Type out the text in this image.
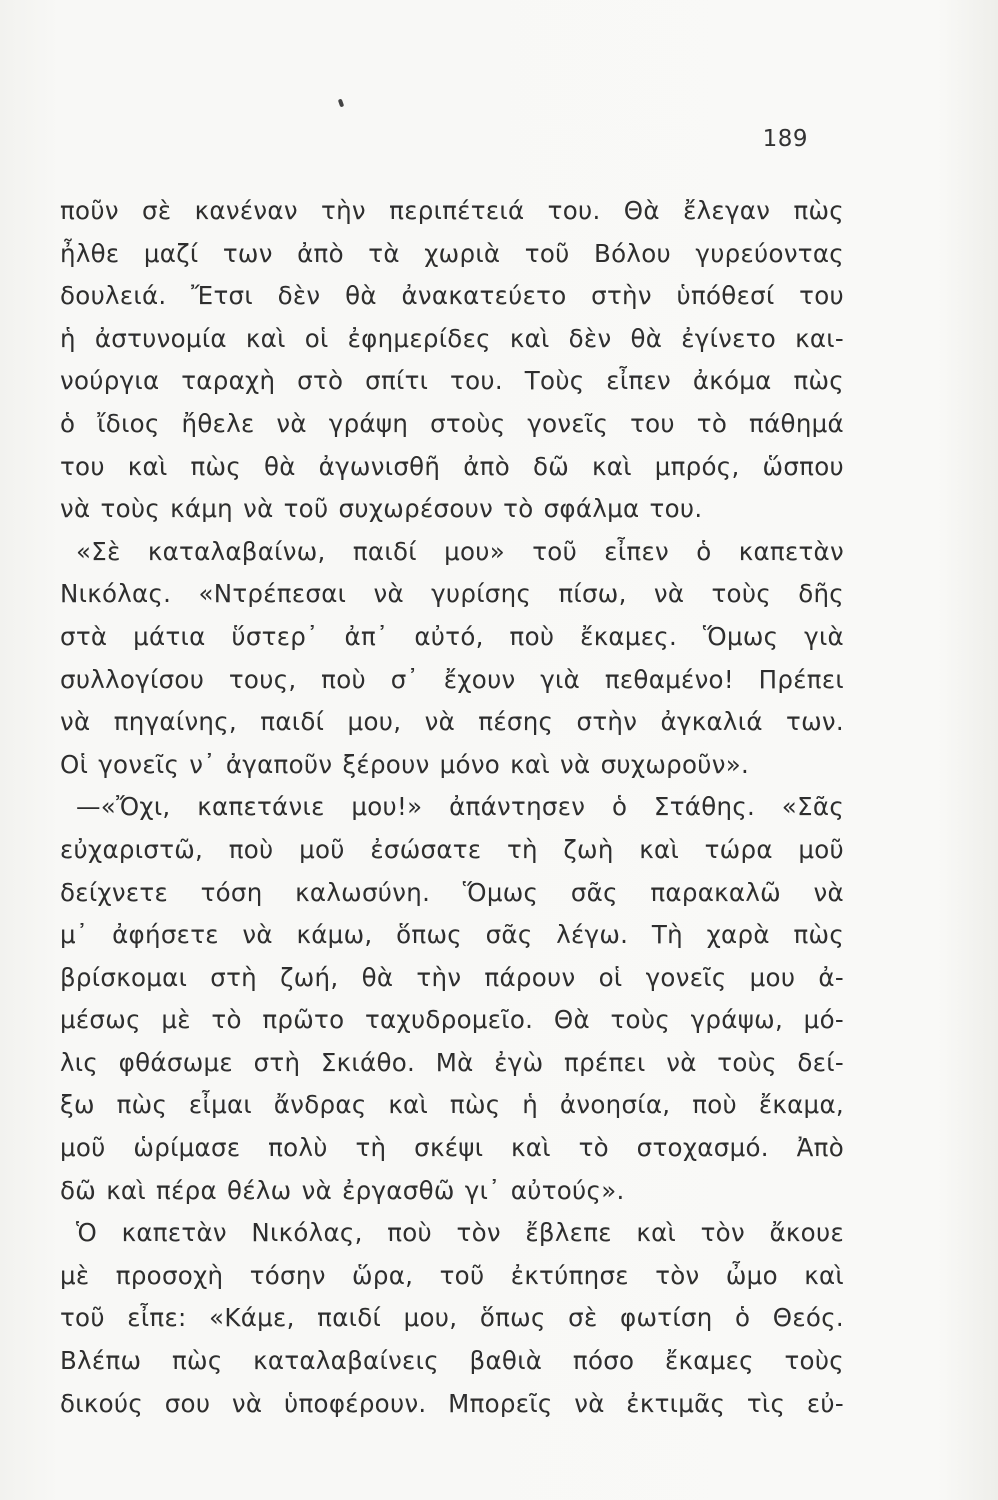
189
ποῦν σὲ κανέναν τὴν περιπέτειά του. Θὰ ἔλεγαν πὼς
ἦλθε μαζί των ἀπὸ τὰ χωριὰ τοῦ Βόλου γυρεύοντας
δουλειά. Ἔτσι δὲν θὰ ἀνακατεύετο στὴν ὑπόθεσί του
ἡ ἀστυνομία καὶ οἱ ἐφημερίδες καὶ δὲν θὰ ἐγίνετο και-
νούργια ταραχὴ στὸ σπίτι του. Τοὺς εἶπεν ἀκόμα πὼς
ὁ ἴδιος ἤθελε νὰ γράψη στοὺς γονεῖς του τὸ πάθημά
του καὶ πὼς θὰ ἀγωνισθῆ ἀπὸ δῶ καὶ μπρός, ὥσπου
νὰ τοὺς κάμη νὰ τοῦ συχωρέσουν τὸ σφάλμα του.
«Σὲ καταλαβαίνω, παιδί μου» τοῦ εἶπεν ὁ καπετὰν
Νικόλας. «Ντρέπεσαι νὰ γυρίσης πίσω, νὰ τοὺς δῆς
στὰ μάτια ὕστερ᾿ ἀπ᾿ αὐτό, ποὺ ἔκαμες. Ὅμως γιὰ
συλλογίσου τους, ποὺ σ᾿ ἔχουν γιὰ πεθαμένο! Πρέπει
νὰ πηγαίνης, παιδί μου, νὰ πέσης στὴν ἀγκαλιά των.
Οἱ γονεῖς ν᾿ ἀγαποῦν ξέρουν μόνο καὶ νὰ συχωροῦν».
—«Ὄχι, καπετάνιε μου!» ἀπάντησεν ὁ Στάθης. «Σᾶς
εὐχαριστῶ, ποὺ μοῦ ἐσώσατε τὴ ζωὴ καὶ τώρα μοῦ
δείχνετε τόση καλωσύνη. Ὅμως σᾶς παρακαλῶ νὰ
μ᾿ ἀφήσετε νὰ κάμω, ὅπως σᾶς λέγω. Τὴ χαρὰ πὼς
βρίσκομαι στὴ ζωή, θὰ τὴν πάρουν οἱ γονεῖς μου ἀ-
μέσως μὲ τὸ πρῶτο ταχυδρομεῖο. Θὰ τοὺς γράψω, μό-
λις φθάσωμε στὴ Σκιάθο. Μὰ ἐγὼ πρέπει νὰ τοὺς δεί-
ξω πὼς εἶμαι ἄνδρας καὶ πὼς ἡ ἀνοησία, ποὺ ἔκαμα,
μοῦ ὡρίμασε πολὺ τὴ σκέψι καὶ τὸ στοχασμό. Ἀπὸ
δῶ καὶ πέρα θέλω νὰ ἐργασθῶ γι᾿ αὐτούς».
Ὁ καπετὰν Νικόλας, ποὺ τὸν ἔβλεπε καὶ τὸν ἄκουε
μὲ προσοχὴ τόσην ὥρα, τοῦ ἐκτύπησε τὸν ὦμο καὶ
τοῦ εἶπε: «Κάμε, παιδί μου, ὅπως σὲ φωτίση ὁ Θεός.
Βλέπω πὼς καταλαβαίνεις βαθιὰ πόσο ἔκαμες τοὺς
δικούς σου νὰ ὑποφέρουν. Μπορεῖς νὰ ἐκτιμᾶς τὶς εὐ-
